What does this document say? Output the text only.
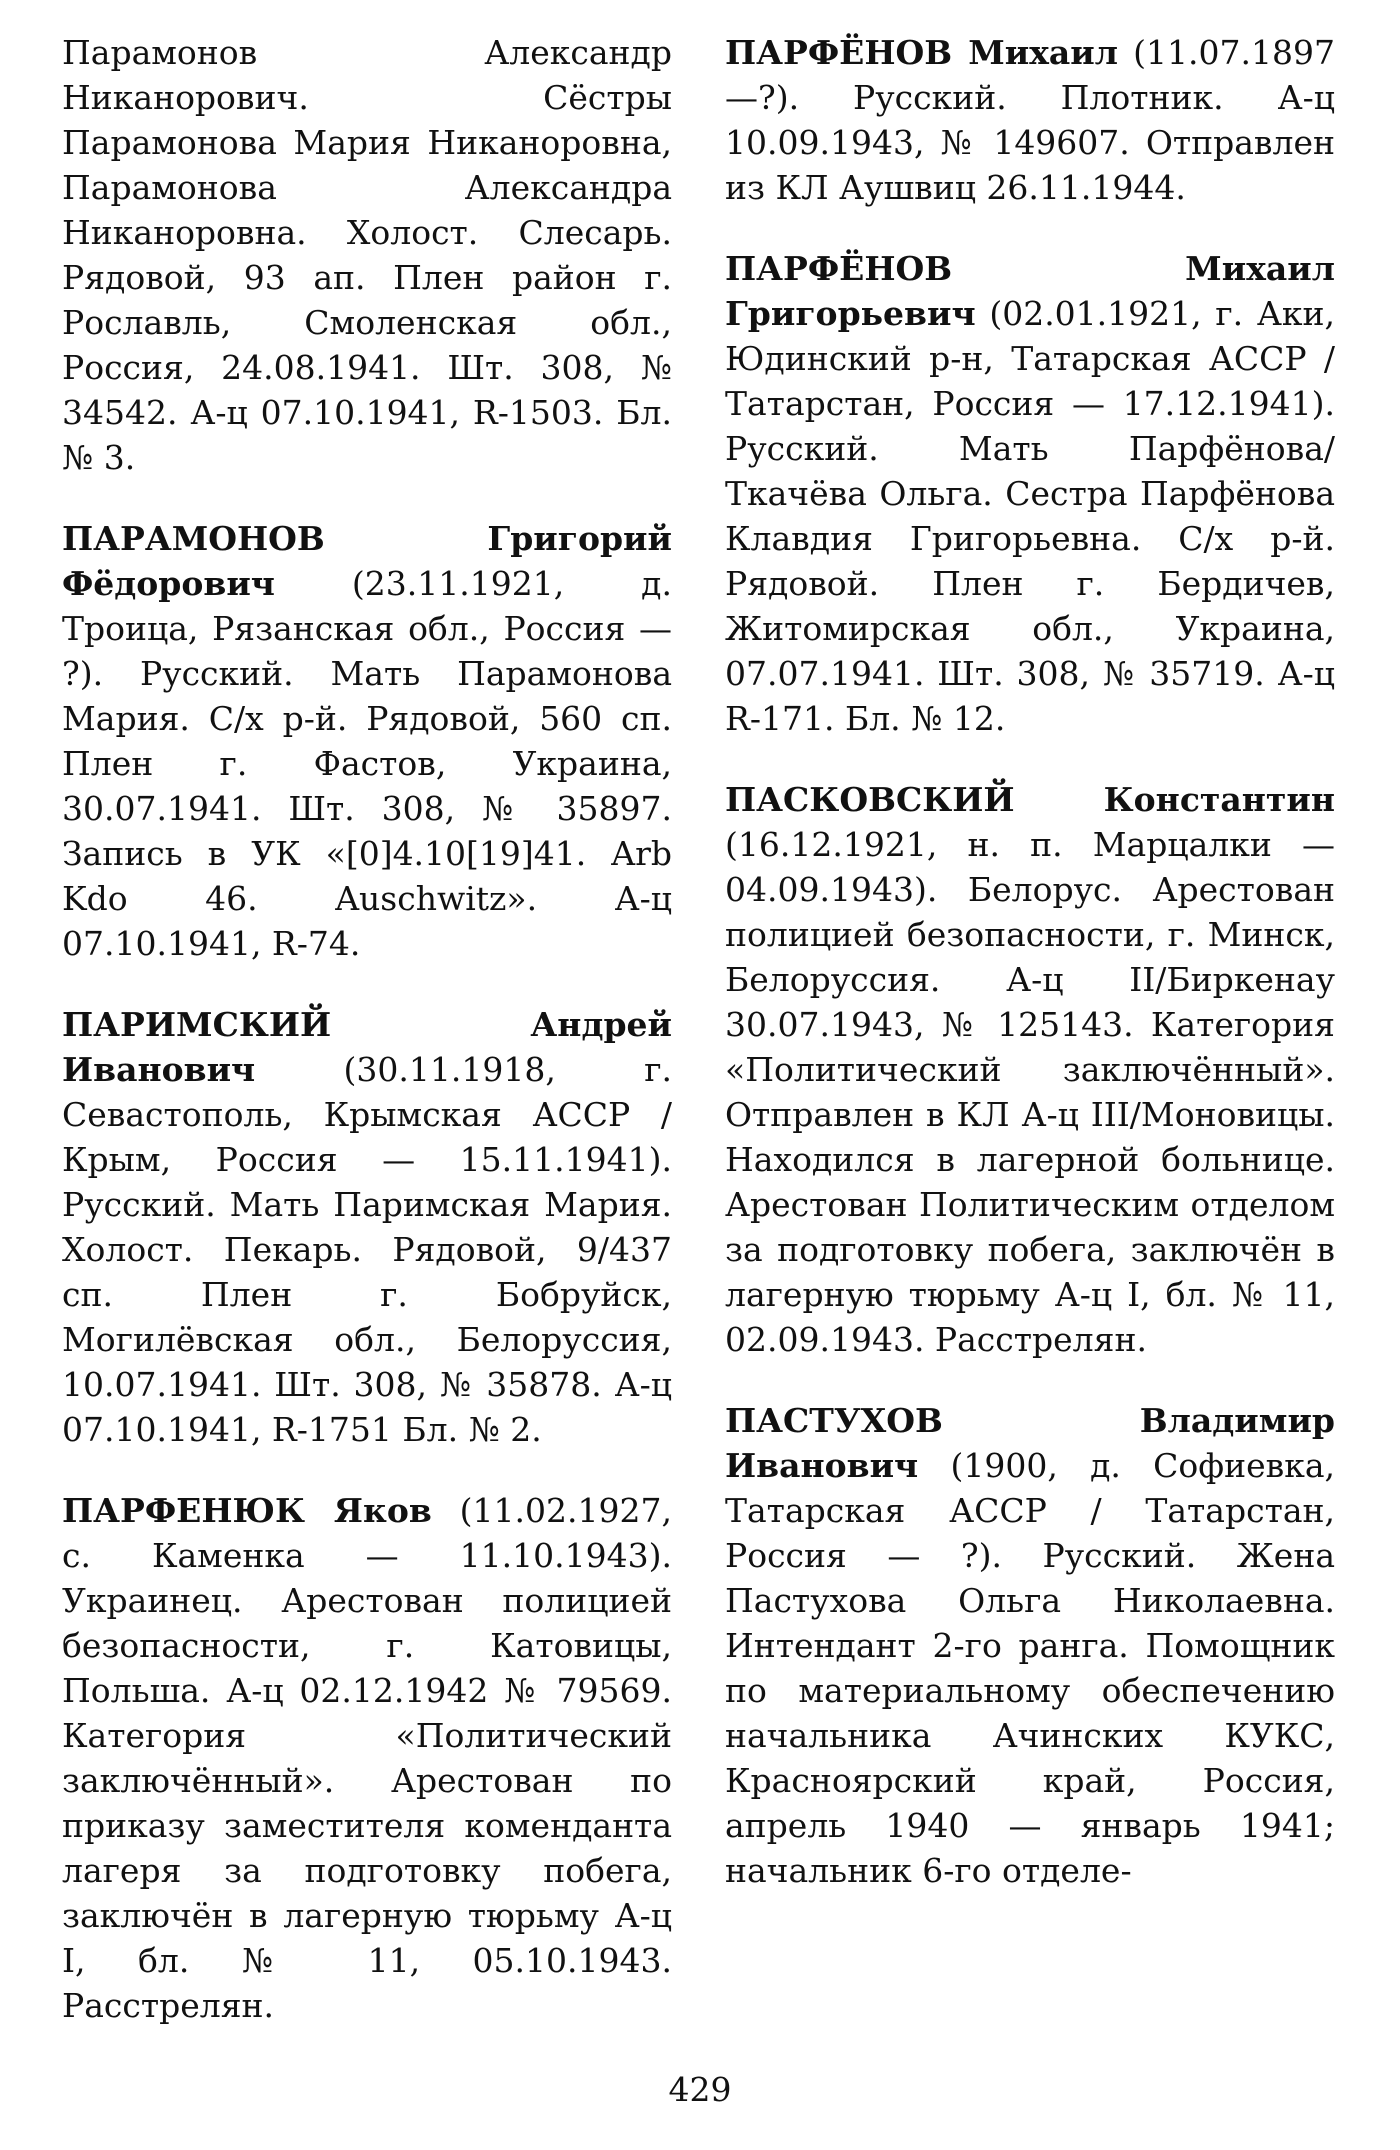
Парамонов Александр Никанорович. Сёстры Парамонова Мария Никаноровна, Парамонова Александра Никаноровна. Холост. Слесарь. Рядовой, 93 ап. Плен район г. Рославль, Смоленская обл., Россия, 24.08.1941. Шт. 308, № 34542. А-ц 07.10.1941, R-1503. Бл. № 3.

ПАРАМОНОВ Григорий Фёдорович (23.11.1921, д. Троица, Рязанская обл., Россия — ?). Русский. Мать Парамонова Мария. С/х р-й. Рядовой, 560 сп. Плен г. Фастов, Украина, 30.07.1941. Шт. 308, № 35897. Запись в УК «[0]4.10[19]41. Arb Kdo 46. Auschwitz». А-ц 07.10.1941, R-74.

ПАРИМСКИЙ Андрей Иванович (30.11.1918, г. Севастополь, Крымская АССР / Крым, Россия — 15.11.1941). Русский. Мать Паримская Мария. Холост. Пекарь. Рядовой, 9/437 сп. Плен г. Бобруйск, Могилёвская обл., Белоруссия, 10.07.1941. Шт. 308, № 35878. А-ц 07.10.1941, R-1751 Бл. № 2.

ПАРФЕНЮК Яков (11.02.1927, с. Каменка — 11.10.1943). Украинец. Арестован полицией безопасности, г. Катовицы, Польша. А-ц 02.12.1942 № 79569. Категория «Политический заключённый». Арестован по приказу заместителя коменданта лагеря за подготовку побега, заключён в лагерную тюрьму А-ц I, бл. № 11, 05.10.1943. Расстрелян.

ПАРФЁНОВ Михаил (11.07.1897—?). Русский. Плотник. А-ц 10.09.1943, № 149607. Отправлен из КЛ Аушвиц 26.11.1944.

ПАРФЁНОВ Михаил Григорьевич (02.01.1921, г. Аки, Юдинский р-н, Татарская АССР / Татарстан, Россия — 17.12.1941). Русский. Мать Парфёнова/Ткачёва Ольга. Сестра Парфёнова Клавдия Григорьевна. С/х р-й. Рядовой. Плен г. Бердичев, Житомирская обл., Украина, 07.07.1941. Шт. 308, № 35719. А-ц R-171. Бл. № 12.

ПАСКОВСКИЙ Константин (16.12.1921, н. п. Марцалки — 04.09.1943). Белорус. Арестован полицией безопасности, г. Минск, Белоруссия. А-ц II/Биркенау 30.07.1943, № 125143. Категория «Политический заключённый». Отправлен в КЛ А-ц III/Моновицы. Находился в лагерной больнице. Арестован Политическим отделом за подготовку побега, заключён в лагерную тюрьму А-ц I, бл. № 11, 02.09.1943. Расстрелян.

ПАСТУХОВ Владимир Иванович (1900, д. Софиевка, Татарская АССР / Татарстан, Россия — ?). Русский. Жена Пастухова Ольга Николаевна. Интендант 2-го ранга. Помощник по материальному обеспечению начальника Ачинских КУКС, Красноярский край, Россия, апрель 1940 — январь 1941; начальник 6-го отделе-

429
